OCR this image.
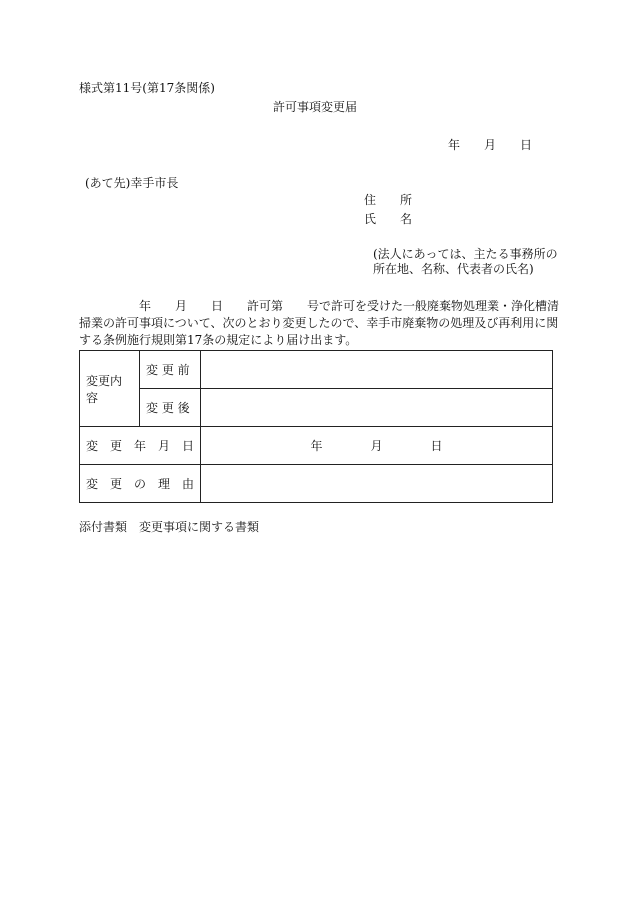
様式第11号(第17条関係)
許可事項変更届
年　　月　　日
(あて先)幸手市長
住　　所
氏　　名
(法人にあっては、主たる事務所の
所在地、名称、代表者の氏名)
　　　　　年　　月　　日　　許可第　　号で許可を受けた一般廃棄物処理業・浄化槽清
掃業の許可事項について、次のとおり変更したので、幸手市廃棄物の処理及び再利用に関
する条例施行規則第17条の規定により届け出ます。
変更内容	変 更 前	
	変 更 後	
変　更　年　月　日		年　　　　月　　　　日
変　更　の　理　由		
添付書類　変更事項に関する書類
